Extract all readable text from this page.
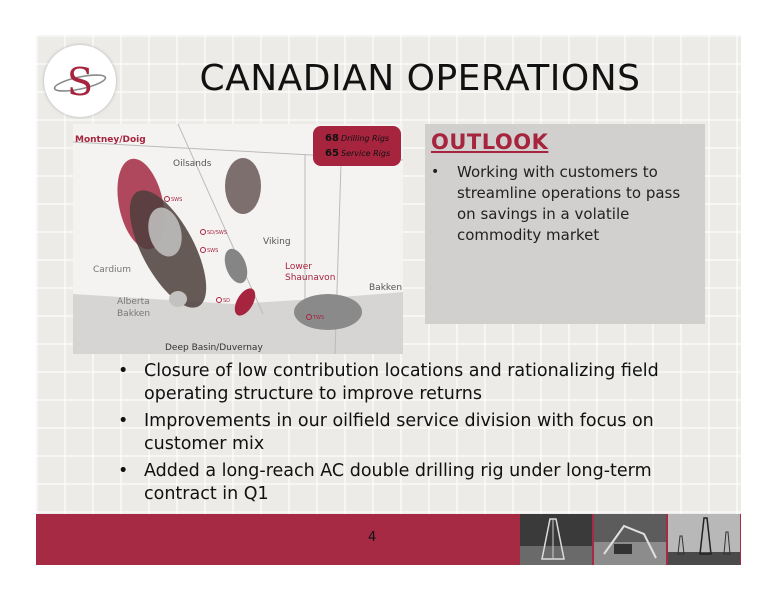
S	CANADIAN OPERATIONS
68 Drilling Rigs
65 Service Rigs
Montney/Doig
Oilsands
Viking
Lower
Shaunavon
Cardium
Alberta
Bakken
Bakken
Deep Basin/Duvernay
SWS
SD/SWS
SWS
SD
TWS
OUTLOOK
• Working with customers to streamline operations to pass on savings in a volatile commodity market
• Closure of low contribution locations and rationalizing field operating structure to improve returns
• Improvements in our oilfield service division with focus on customer mix
• Added a long-reach AC double drilling rig under long-term contract in Q1
4
